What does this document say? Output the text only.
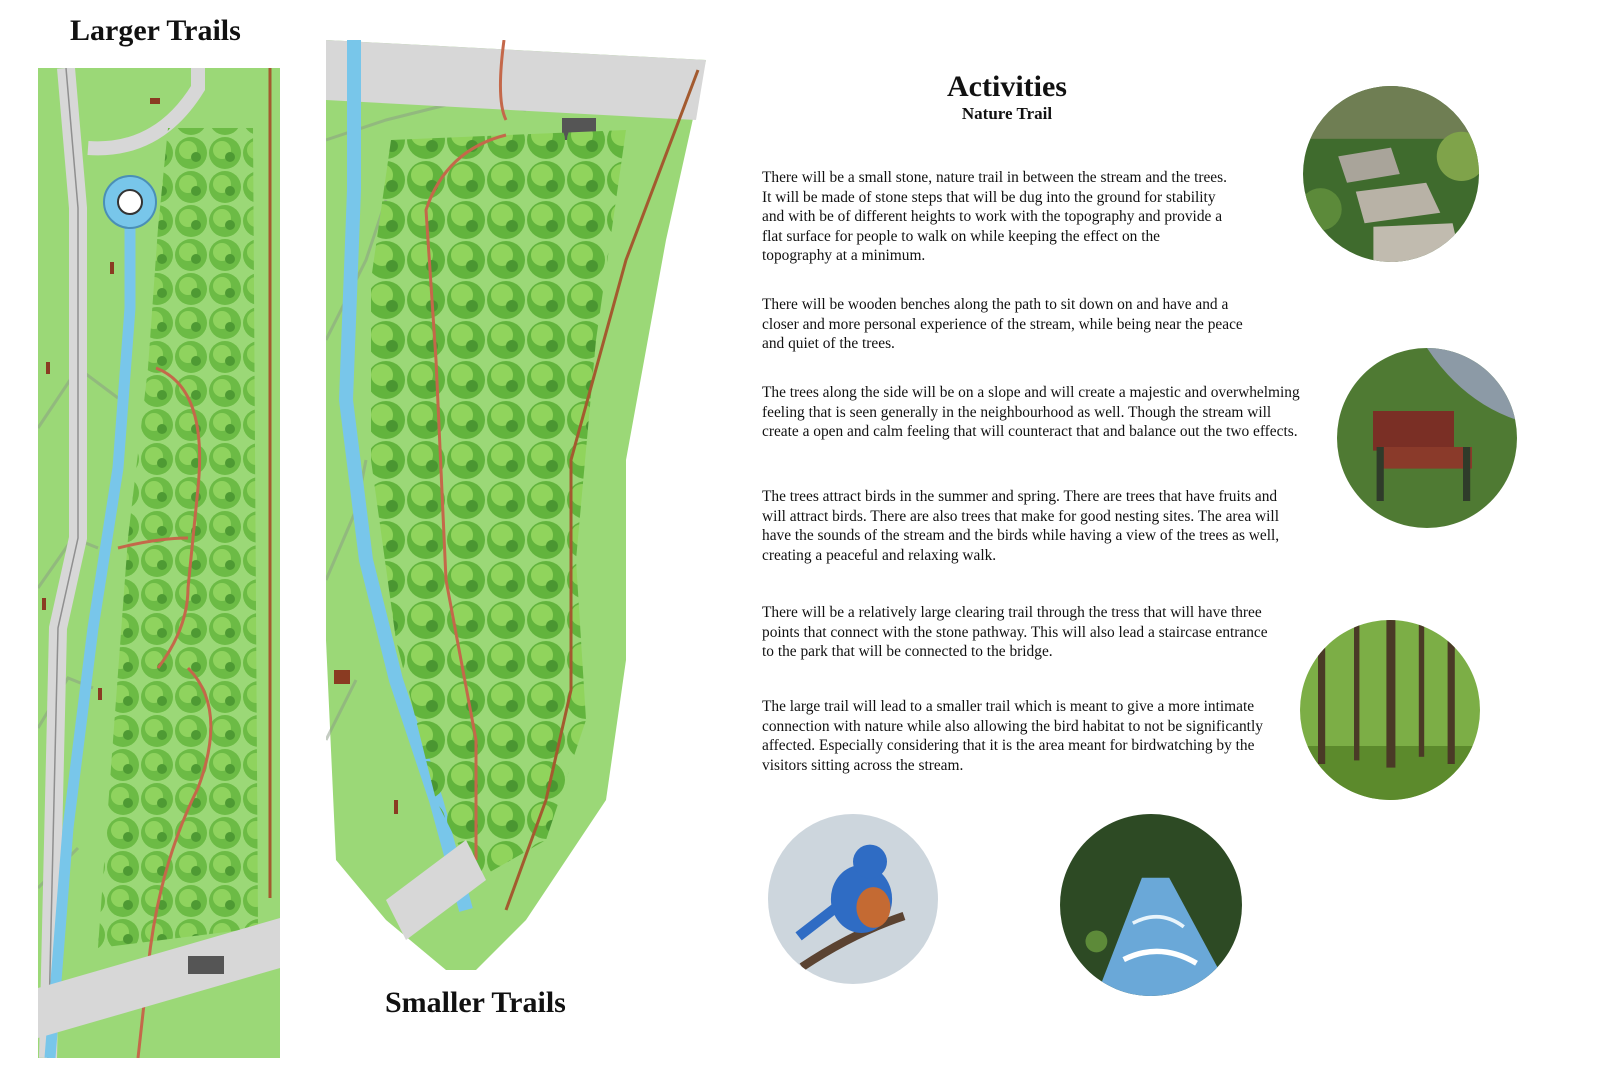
Larger Trails
Smaller Trails
Activities
Nature Trail

There will be a small stone, nature trail in between the stream and the trees. It will be made of stone steps that will be dug into the ground for stability and with be of different heights to work with the topography and provide a flat surface for people to walk on while keeping the effect on the topography at a minimum.

There will be wooden benches along the path to sit down on and have and a closer and more personal experience of the stream, while being near the peace and quiet of the trees.

The trees along the side will be on a slope and will create a majestic and overwhelming feeling that is seen generally in the neighbourhood as well. Though the stream will create a open and calm feeling that will counteract that and balance out the two effects.

The trees attract birds in the summer and spring. There are trees that have fruits and will attract birds. There are also trees that make for good nesting sites. The area will have the sounds of the stream and the birds while having a view of the trees as well, creating a peaceful and relaxing walk.

There will be a relatively large clearing trail through the tress that will have three points that connect with the stone pathway. This will also lead a staircase entrance to the park that will be connected to the bridge.

The large trail will lead to a smaller trail which is meant to give a more intimate connection with nature while also allowing the bird habitat to not be significantly affected. Especially considering that it is the area meant for birdwatching by the visitors sitting across the stream.
